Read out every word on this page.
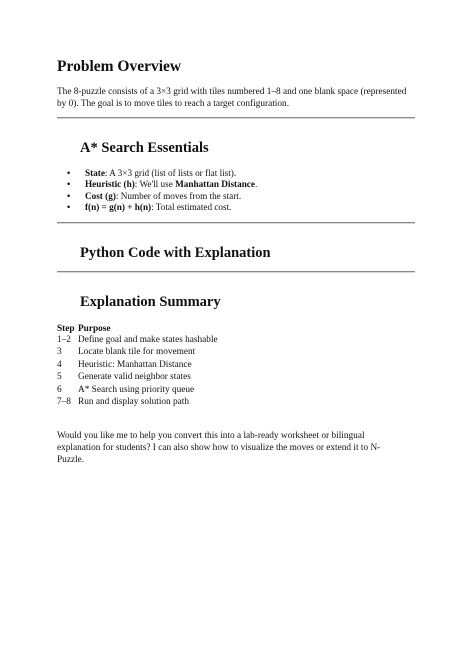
Problem Overview
The 8-puzzle consists of a 3×3 grid with tiles numbered 1–8 and one blank space (represented
by 0). The goal is to move tiles to reach a target configuration.
A* Search Essentials
• State: A 3×3 grid (list of lists or flat list).
• Heuristic (h): We'll use Manhattan Distance.
• Cost (g): Number of moves from the start.
• f(n) = g(n) + h(n): Total estimated cost.
Python Code with Explanation
Explanation Summary
Step	Purpose
1–2	Define goal and make states hashable
3	Locate blank tile for movement
4	Heuristic: Manhattan Distance
5	Generate valid neighbor states
6	A* Search using priority queue
7–8	Run and display solution path
Would you like me to help you convert this into a lab-ready worksheet or bilingual
explanation for students? I can also show how to visualize the moves or extend it to N-
Puzzle.
